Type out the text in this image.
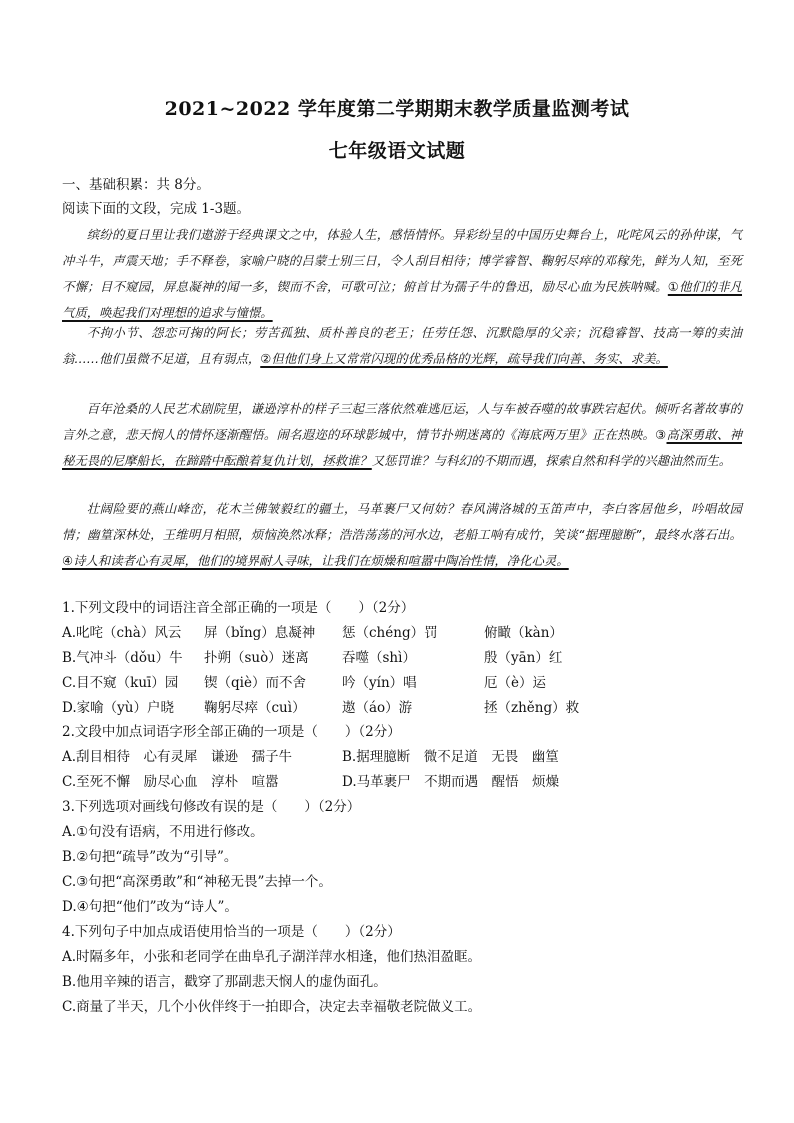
2021~2022 学年度第二学期期末教学质量监测考试
七年级语文试题
一、基础积累：共 8分。
阅读下面的文段，完成 1-3题。

缤纷的夏日里让我们遨游于经典课文之中，体验人生，感悟情怀。异彩纷呈的中国历史舞台上，叱咤风云的孙仲谋，气冲斗牛，声震天地；手不释卷，家喻户晓的吕蒙士别三日，令人刮目相待；博学睿智、鞠躬尽瘁的邓稼先，鲜为人知，至死不懈；目不窥园，屏息凝神的闻一多，锲而不舍，可歌可泣；俯首甘为孺子牛的鲁迅，励尽心血为民族呐喊。①他们的非凡气质，唤起我们对理想的追求与憧憬。

不拘小节、怨恋可掬的阿长；劳苦孤独、质朴善良的老王；任劳任怨、沉默隐厚的父亲；沉稳睿智、技高一筹的卖油翁……他们虽微不足道，且有弱点，②但他们身上又常常闪现的优秀品格的光辉，疏导我们向善、务实、求美。

百年沧桑的人民艺术剧院里，谦逊淳朴的样子三起三落依然难逃厄运，人与车被吞噬的故事跌宕起伏。倾听名著故事的言外之意，悲天悯人的情怀逐渐醒悟。闹名遐迩的环球影城中，情节扑朔迷离的《海底两万里》正在热映。③高深勇敢、神秘无畏的尼摩船长，在蹄踏中酝酿着复仇计划，拯救谁？又惩罚谁？与科幻的不期而遇，探索自然和科学的兴趣油然而生。

壮阔险要的燕山峰峦，花木兰佛皱毅红的疆土，马革裹尸又何妨？春风满洛城的玉笛声中，李白客居他乡，吟唱故园情；幽篁深林处，王维明月相照，烦恼涣然冰释；浩浩荡荡的河水边，老船工响有成竹，笑谈“据理臆断”，最终水落石出。④诗人和读者心有灵犀，他们的境界耐人寻味，让我们在烦燥和喧嚣中陶冶性情，净化心灵。

1.下列文段中的词语注音全部正确的一项是（　　）（2分）
A.叱咤（chà）风云 屏（bǐng）息凝神 惩（chéng）罚	俯瞰（kàn）
B.气冲斗（dǒu）牛 扑朔（suò）迷离 吞噬（shì）	殷（yān）红
C.目不窥（kuī）园 锲（qiè）而不舍	吟（yín）唱	厄（è）运
D.家喻（yù）户晓 鞠躬尽瘁（cuì）	遨（áo）游	拯（zhěng）救
2.文段中加点词语字形全部正确的一项是（　　）（2分）
A.刮目相待　心有灵犀　谦逊　孺子牛	B.据理臆断　微不足道　无畏　幽篁
C.至死不懈　励尽心血　淳朴　喧嚣	D.马革裹尸　不期而遇　醒悟　烦燥
3.下列选项对画线句修改有误的是（　　）（2分）
A.①句没有语病，不用进行修改。
B.②句把“疏导”改为“引导”。
C.③句把“高深勇敢”和“神秘无畏”去掉一个。
D.④句把“他们”改为“诗人”。
4.下列句子中加点成语使用恰当的一项是（　　）（2分）
A.时隔多年，小张和老同学在曲阜孔子湖洋萍水相逢，他们热泪盈眶。
B.他用辛辣的语言，戳穿了那副悲天悯人的虚伪面孔。
C.商量了半天，几个小伙伴终于一拍即合，决定去幸福敬老院做义工。
